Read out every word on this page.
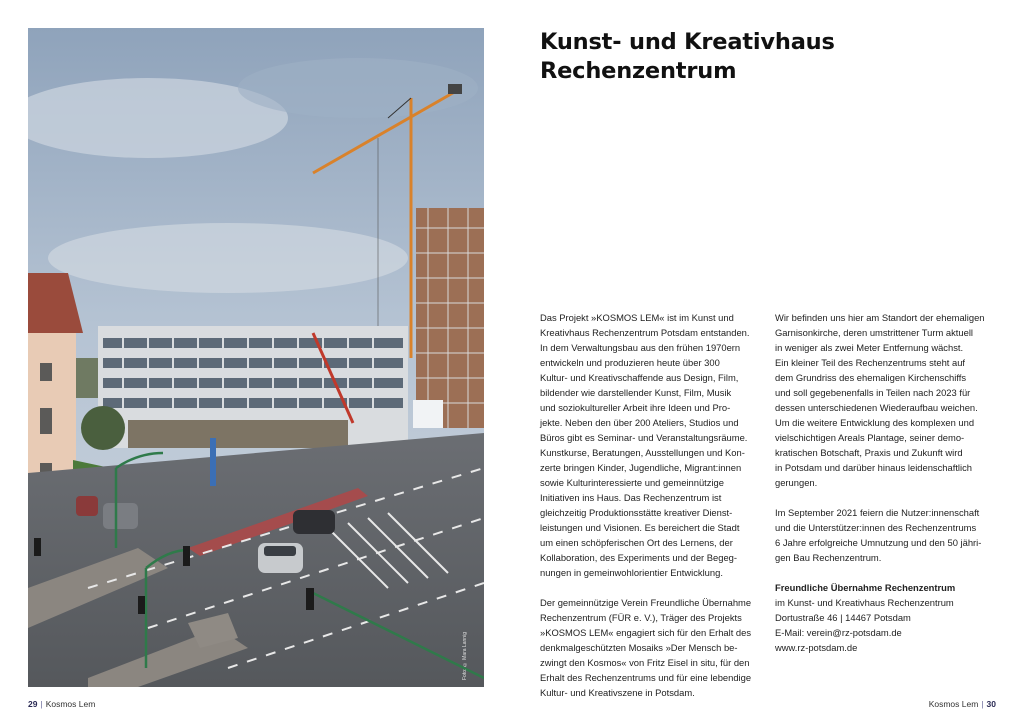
Foto: © Mara Lannig
Kunst- und Kreativhaus
Rechenzentrum

Das Projekt »KOSMOS LEM« ist im Kunst und
Kreativhaus Rechenzentrum Potsdam entstanden.
In dem Verwaltungsbau aus den frühen 1970ern
entwickeln und produzieren heute über 300
Kultur- und Kreativschaffende aus Design, Film,
bildender wie darstellender Kunst, Film, Musik
und soziokultureller Arbeit ihre Ideen und Pro-
jekte. Neben den über 200 Ateliers, Studios und
Büros gibt es Seminar- und Veranstaltungsräume.
Kunstkurse, Beratungen, Ausstellungen und Kon-
zerte bringen Kinder, Jugendliche, Migrant:innen
sowie Kulturinteressierte und gemeinnützige
Initiativen ins Haus. Das Rechenzentrum ist
gleichzeitig Produktionsstätte kreativer Dienst-
leistungen und Visionen. Es bereichert die Stadt
um einen schöpferischen Ort des Lernens, der
Kollaboration, des Experiments und der Begeg-
nungen in gemeinwohlorientier Entwicklung.

Der gemeinnützige Verein Freundliche Übernahme
Rechenzentrum (FÜR e. V.), Träger des Projekts
»KOSMOS LEM« engagiert sich für den Erhalt des
denkmalgeschützten Mosaiks »Der Mensch be-
zwingt den Kosmos« von Fritz Eisel in situ, für den
Erhalt des Rechenzentrums und für eine lebendige
Kultur- und Kreativszene in Potsdam.

Wir befinden uns hier am Standort der ehemaligen
Garnisonkirche, deren umstrittener Turm aktuell
in weniger als zwei Meter Entfernung wächst.
Ein kleiner Teil des Rechenzentrums steht auf
dem Grundriss des ehemaligen Kirchenschiffs
und soll gegebenenfalls in Teilen nach 2023 für
dessen unterschiedenen Wiederaufbau weichen.
Um die weitere Entwicklung des komplexen und
vielschichtigen Areals Plantage, seiner demo-
kratischen Botschaft, Praxis und Zukunft wird
in Potsdam und darüber hinaus leidenschaftlich
gerungen.

Im September 2021 feiern die Nutzer:innenschaft
und die Unterstützer:innen des Rechenzentrums
6 Jahre erfolgreiche Umnutzung und den 50 jähri-
gen Bau Rechenzentrum.

Freundliche Übernahme Rechenzentrum
im Kunst- und Kreativhaus Rechenzentrum
Dortustraße 46 | 14467 Potsdam
E-Mail: verein@rz-potsdam.de
www.rz-potsdam.de

29 | Kosmos Lem	Kosmos Lem | 30
